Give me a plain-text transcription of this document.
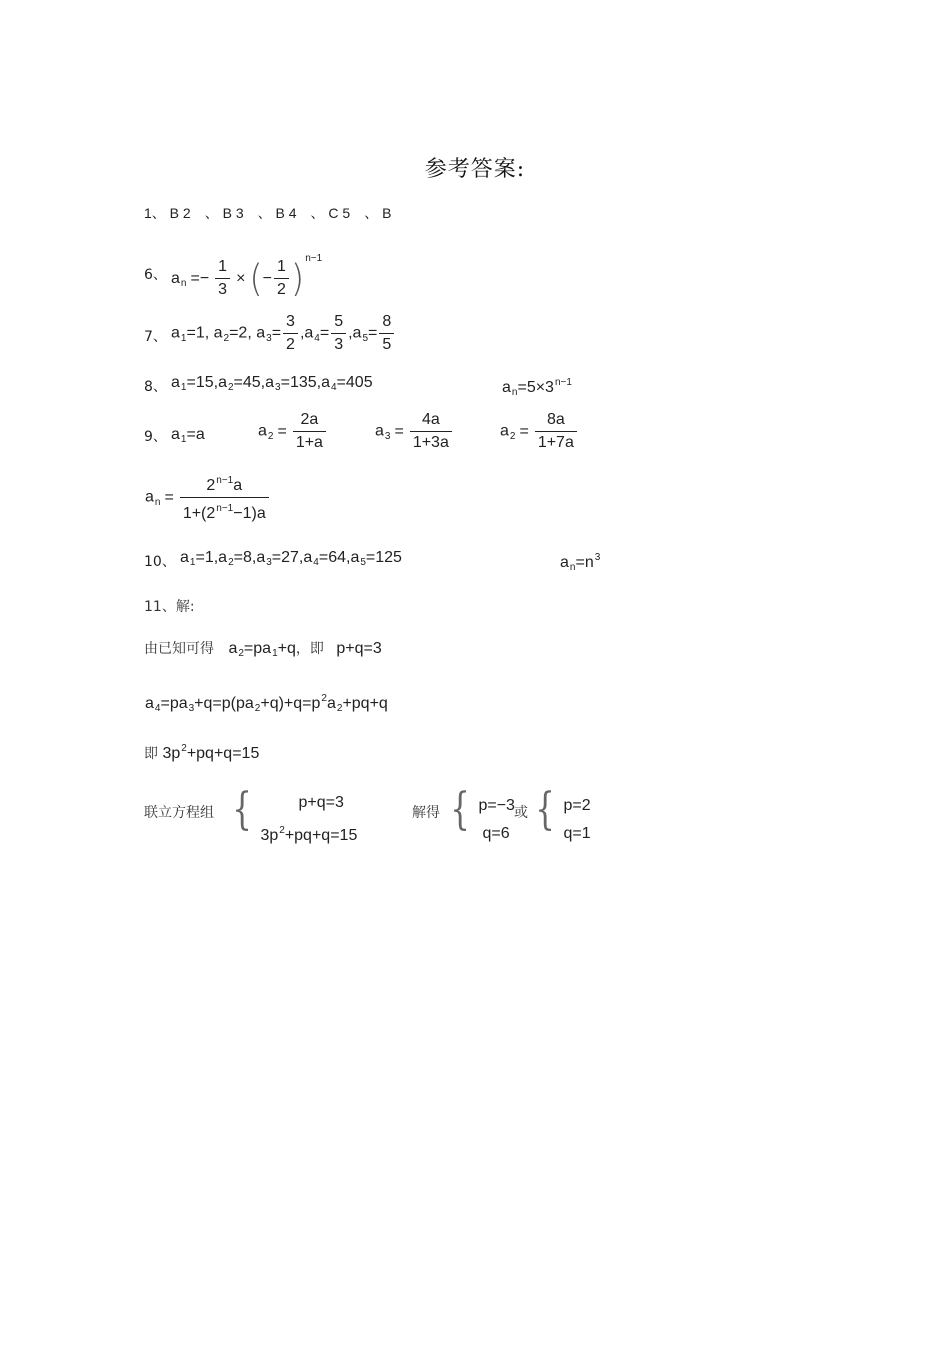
参考答案:
1、 B 2 、 B 3 、 B 4 、 C 5 、 B
6、 $a_n =- \frac{1}{3}$ × (− $\frac{1}{2} )^{n-1}$
7、 $a_1=1$, $a_2=2$, $a_3= \frac{3}{2} ,a_4= \frac{5}{3} ,a_5= \frac{8}{5}$
8、 $a_1=15,a_2=45,a_3=135,a_4=405$	$a_n=5\times 3^{n-1}$
9、 $a_1=a$	$a_2 = \frac{2a}{1+a}$	$a_3 = \frac{4a}{1+3a}$	$a_2 = \frac{8a}{1+7a}$
$a_n = \frac{2^{n-1}a}{1+(2^{n-1}-1)a}$
10、 $a_1=1,a_2=8,a_3=27,a_4=64,a_5=125$	$a_n=n^3$
11、解:
由已知可得 $a_2=pa_1+q$，即 p+q=3
$a_4=pa_3+q=p(pa_2+q)+q=p^2a_2+pq+q$
即 $3p^2+pq+q=15$
联立方程组 {	p+q=3
$3p^2+pq+q=15$
解得 { p=−3
q=6
或 { p=2
q=1
